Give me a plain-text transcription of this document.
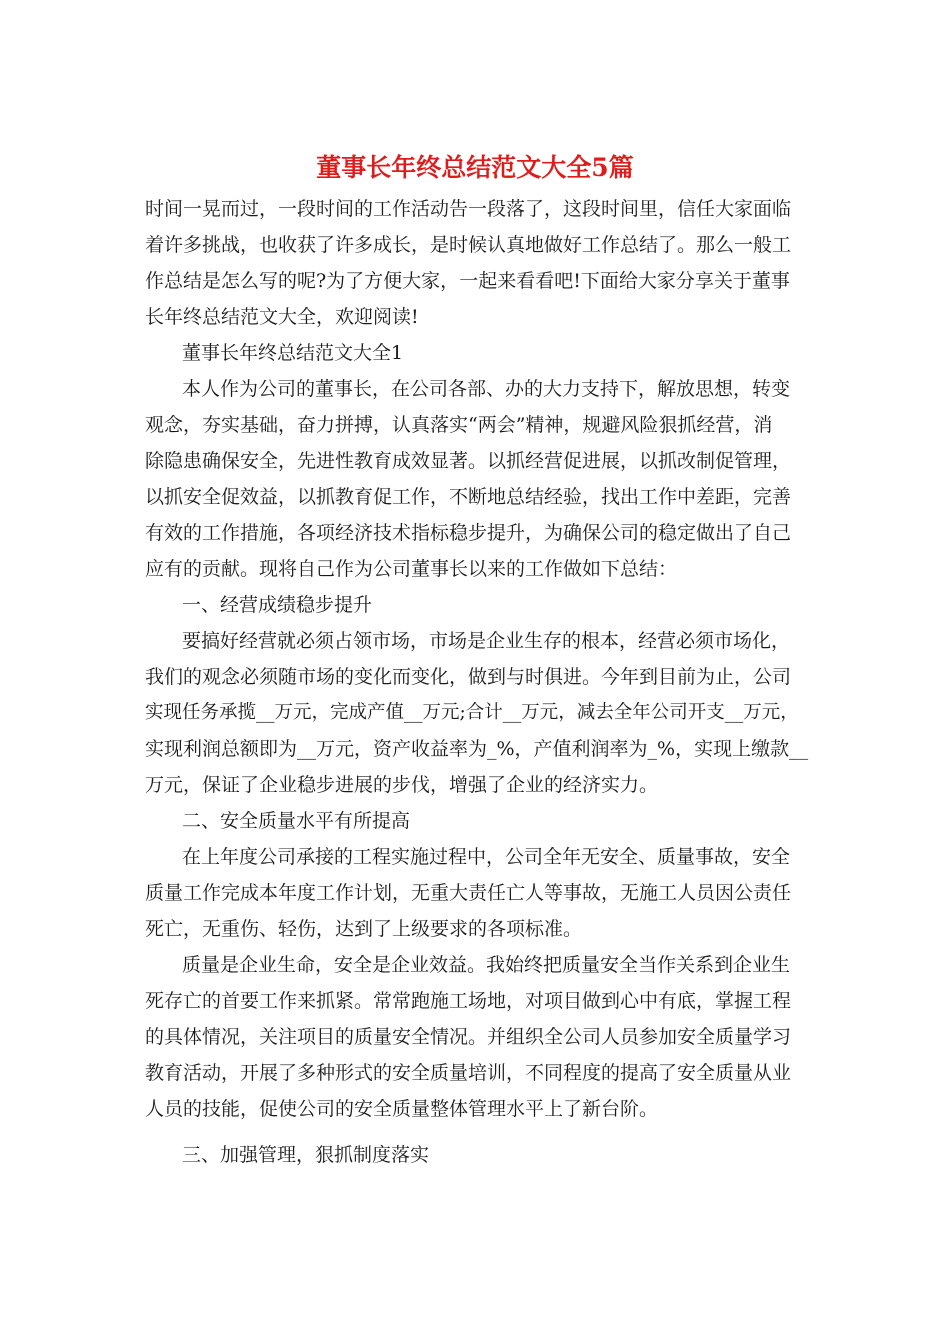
董事长年终总结范文大全5篇
时间一晃而过，一段时间的工作活动告一段落了，这段时间里，信任大家面临
着许多挑战，也收获了许多成长，是时候认真地做好工作总结了。那么一般工
作总结是怎么写的呢?为了方便大家，一起来看看吧!下面给大家分享关于董事
长年终总结范文大全，欢迎阅读!
董事长年终总结范文大全1
本人作为公司的董事长，在公司各部、办的大力支持下，解放思想，转变
观念，夯实基础，奋力拼搏，认真落实“两会”精神，规避风险狠抓经营，消
除隐患确保安全，先进性教育成效显著。以抓经营促进展，以抓改制促管理，
以抓安全促效益，以抓教育促工作，不断地总结经验，找出工作中差距，完善
有效的工作措施，各项经济技术指标稳步提升，为确保公司的稳定做出了自己
应有的贡献。现将自己作为公司董事长以来的工作做如下总结：
一、经营成绩稳步提升
要搞好经营就必须占领市场，市场是企业生存的根本，经营必须市场化，
我们的观念必须随市场的变化而变化，做到与时俱进。今年到目前为止，公司
实现任务承揽__万元，完成产值__万元;合计__万元，减去全年公司开支__万元，
实现利润总额即为__万元，资产收益率为_%，产值利润率为_%，实现上缴款__
万元，保证了企业稳步进展的步伐，增强了企业的经济实力。
二、安全质量水平有所提高
在上年度公司承接的工程实施过程中，公司全年无安全、质量事故，安全
质量工作完成本年度工作计划，无重大责任亡人等事故，无施工人员因公责任
死亡，无重伤、轻伤，达到了上级要求的各项标准。
质量是企业生命，安全是企业效益。我始终把质量安全当作关系到企业生
死存亡的首要工作来抓紧。常常跑施工场地，对项目做到心中有底，掌握工程
的具体情况，关注项目的质量安全情况。并组织全公司人员参加安全质量学习
教育活动，开展了多种形式的安全质量培训，不同程度的提高了安全质量从业
人员的技能，促使公司的安全质量整体管理水平上了新台阶。
三、加强管理，狠抓制度落实
